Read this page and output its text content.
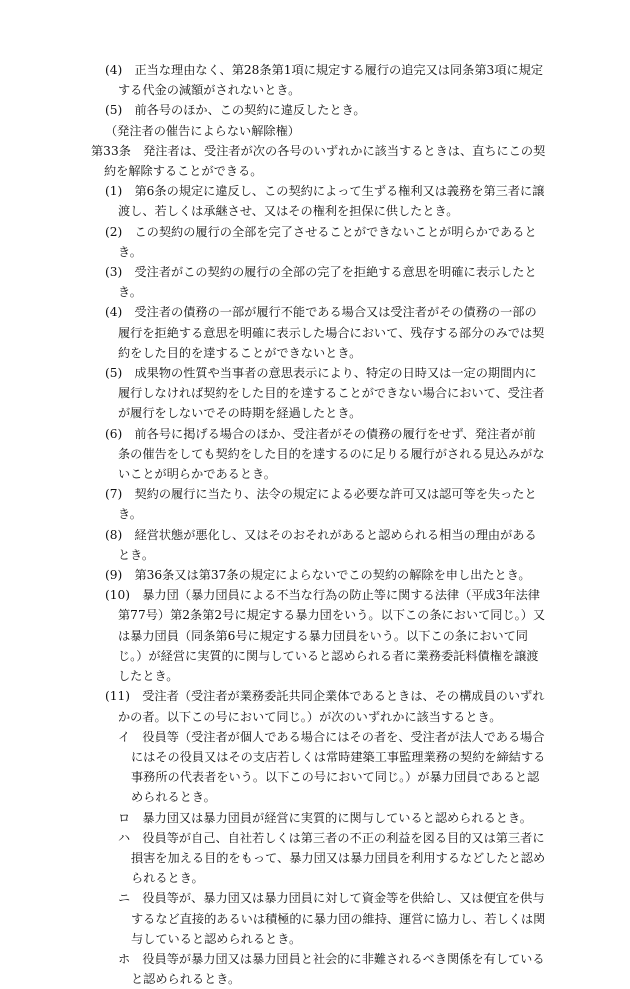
(4)　正当な理由なく、第28条第1項に規定する履行の追完又は同条第3項に規定する代金の減額がされないとき。

(5)　前各号のほか、この契約に違反したとき。

（発注者の催告によらない解除権）

第33条　発注者は、受注者が次の各号のいずれかに該当するときは、直ちにこの契約を解除することができる。

(1)　第6条の規定に違反し、この契約によって生ずる権利又は義務を第三者に譲渡し、若しくは承継させ、又はその権利を担保に供したとき。

(2)　この契約の履行の全部を完了させることができないことが明らかであるとき。

(3)　受注者がこの契約の履行の全部の完了を拒絶する意思を明確に表示したとき。

(4)　受注者の債務の一部が履行不能である場合又は受注者がその債務の一部の履行を拒絶する意思を明確に表示した場合において、残存する部分のみでは契約をした目的を達することができないとき。

(5)　成果物の性質や当事者の意思表示により、特定の日時又は一定の期間内に履行しなければ契約をした目的を達することができない場合において、受注者が履行をしないでその時期を経過したとき。

(6)　前各号に掲げる場合のほか、受注者がその債務の履行をせず、発注者が前条の催告をしても契約をした目的を達するのに足りる履行がされる見込みがないことが明らかであるとき。

(7)　契約の履行に当たり、法令の規定による必要な許可又は認可等を失ったとき。

(8)　経営状態が悪化し、又はそのおそれがあると認められる相当の理由があるとき。

(9)　第36条又は第37条の規定によらないでこの契約の解除を申し出たとき。

(10)　暴力団（暴力団員による不当な行為の防止等に関する法律（平成3年法律第77号）第2条第2号に規定する暴力団をいう。以下この条において同じ。）又は暴力団員（同条第6号に規定する暴力団員をいう。以下この条において同じ。）が経営に実質的に関与していると認められる者に業務委託料債権を譲渡したとき。

(11)　受注者（受注者が業務委託共同企業体であるときは、その構成員のいずれかの者。以下この号において同じ。）が次のいずれかに該当するとき。

イ　役員等（受注者が個人である場合にはその者を、受注者が法人である場合にはその役員又はその支店若しくは常時建築工事監理業務の契約を締結する事務所の代表者をいう。以下この号において同じ。）が暴力団員であると認められるとき。

ロ　暴力団又は暴力団員が経営に実質的に関与していると認められるとき。

ハ　役員等が自己、自社若しくは第三者の不正の利益を図る目的又は第三者に損害を加える目的をもって、暴力団又は暴力団員を利用するなどしたと認められるとき。

ニ　役員等が、暴力団又は暴力団員に対して資金等を供給し、又は便宜を供与するなど直接的あるいは積極的に暴力団の維持、運営に協力し、若しくは関与していると認められるとき。

ホ　役員等が暴力団又は暴力団員と社会的に非難されるべき関係を有していると認められるとき。
